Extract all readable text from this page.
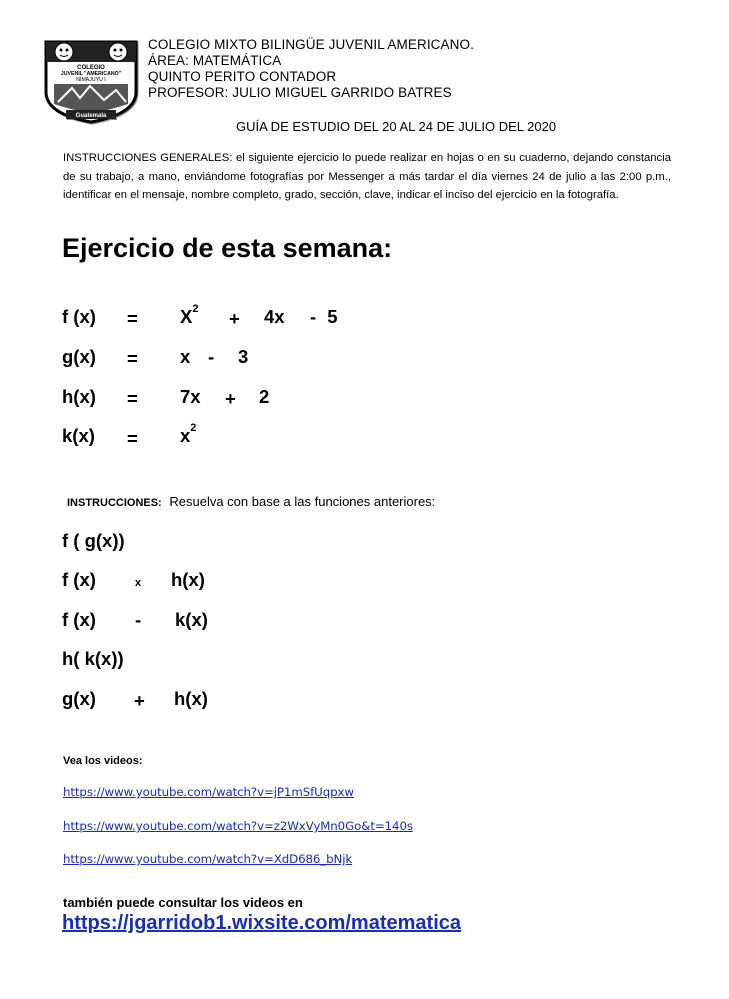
COLEGIO
JUVENIL "AMERICANO"
NIMAJUYU I
Guatemala
COLEGIO MIXTO BILINGÜE JUVENIL AMERICANO.
ÁREA: MATEMÁTICA
QUINTO PERITO CONTADOR
PROFESOR: JULIO MIGUEL GARRIDO BATRES
GUÍA DE ESTUDIO DEL 20 AL 24 DE JULIO DEL 2020
INSTRUCCIONES GENERALES: el siguiente ejercicio lo puede realizar en hojas o en su cuaderno, dejando constancia de su trabajo, a mano, enviándome fotografías por Messenger a más tardar el día viernes 24 de julio a las 2:00 p.m., identificar en el mensaje, nombre completo, grado, sección, clave, indicar el inciso del ejercicio en la fotografía.
Ejercicio de esta semana:
f $(x) = X^2 + 4x - 5$
g(x) = x - 3
h(x) = 7x + 2
$k(x) = x^2$
INSTRUCCIONES: Resuelva con base a las funciones anteriores:
f ( g(x))
f (x)	x h(x)
f (x) - k(x)
h( k(x))
g(x) + h(x)
Vea los videos:
https://www.youtube.com/watch?v=jP1mSfUqpxw
https://www.youtube.com/watch?v=z2WxVyMn0Go&t=140s
https://www.youtube.com/watch?v=XdD686_bNjk
también puede consultar los videos en
https://jgarridob1.wixsite.com/matematica
